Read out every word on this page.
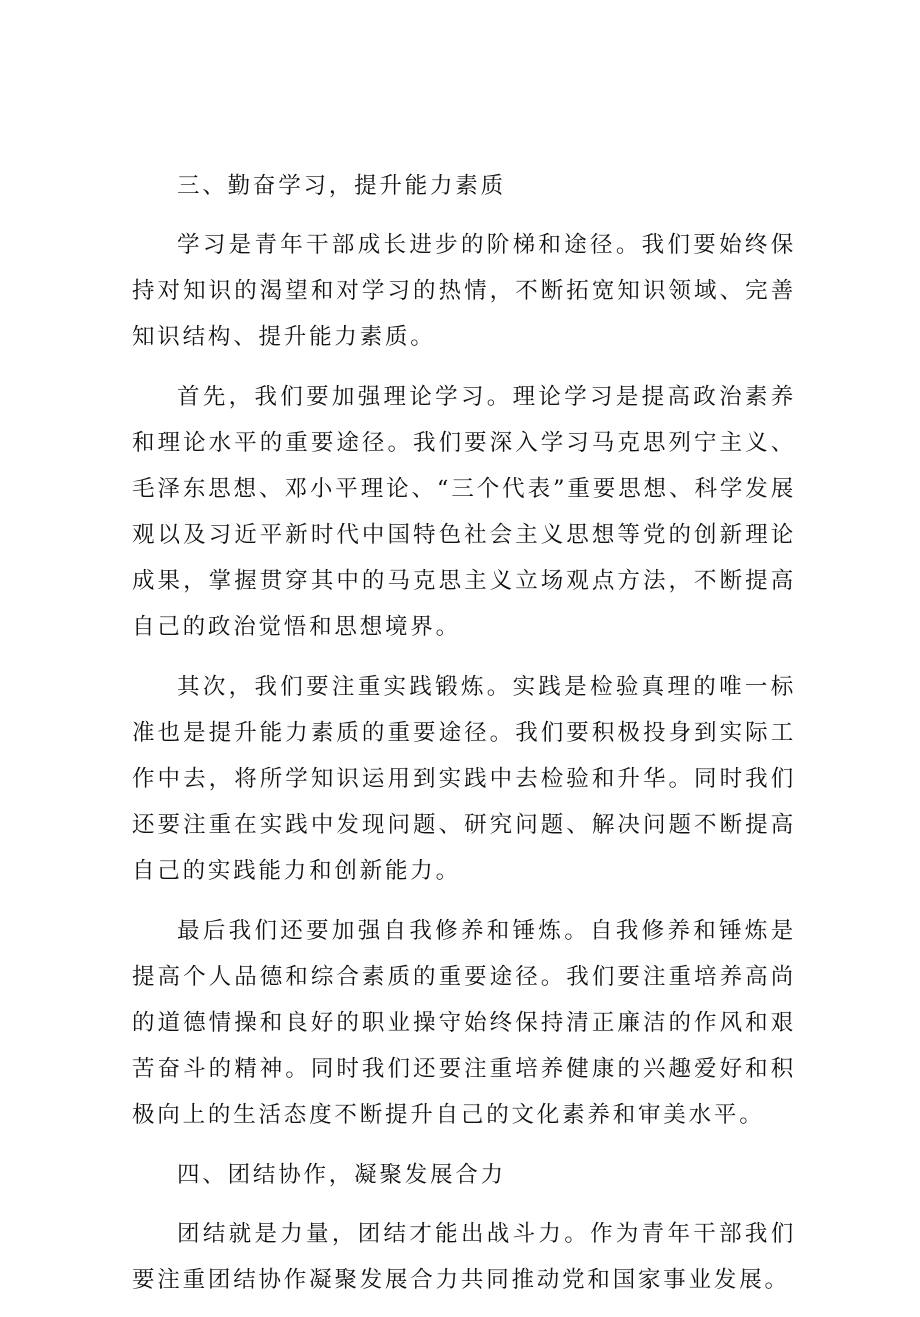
三、勤奋学习，提升能力素质

学习是青年干部成长进步的阶梯和途径。我们要始终保持对知识的渴望和对学习的热情，不断拓宽知识领域、完善知识结构、提升能力素质。

首先，我们要加强理论学习。理论学习是提高政治素养和理论水平的重要途径。我们要深入学习马克思列宁主义、毛泽东思想、邓小平理论、“三个代表”重要思想、科学发展观以及习近平新时代中国特色社会主义思想等党的创新理论成果，掌握贯穿其中的马克思主义立场观点方法，不断提高自己的政治觉悟和思想境界。

其次，我们要注重实践锻炼。实践是检验真理的唯一标准也是提升能力素质的重要途径。我们要积极投身到实际工作中去，将所学知识运用到实践中去检验和升华。同时我们还要注重在实践中发现问题、研究问题、解决问题不断提高自己的实践能力和创新能力。

最后我们还要加强自我修养和锤炼。自我修养和锤炼是提高个人品德和综合素质的重要途径。我们要注重培养高尚的道德情操和良好的职业操守始终保持清正廉洁的作风和艰苦奋斗的精神。同时我们还要注重培养健康的兴趣爱好和积极向上的生活态度不断提升自己的文化素养和审美水平。

四、团结协作，凝聚发展合力

团结就是力量，团结才能出战斗力。作为青年干部我们要注重团结协作凝聚发展合力共同推动党和国家事业发展。
